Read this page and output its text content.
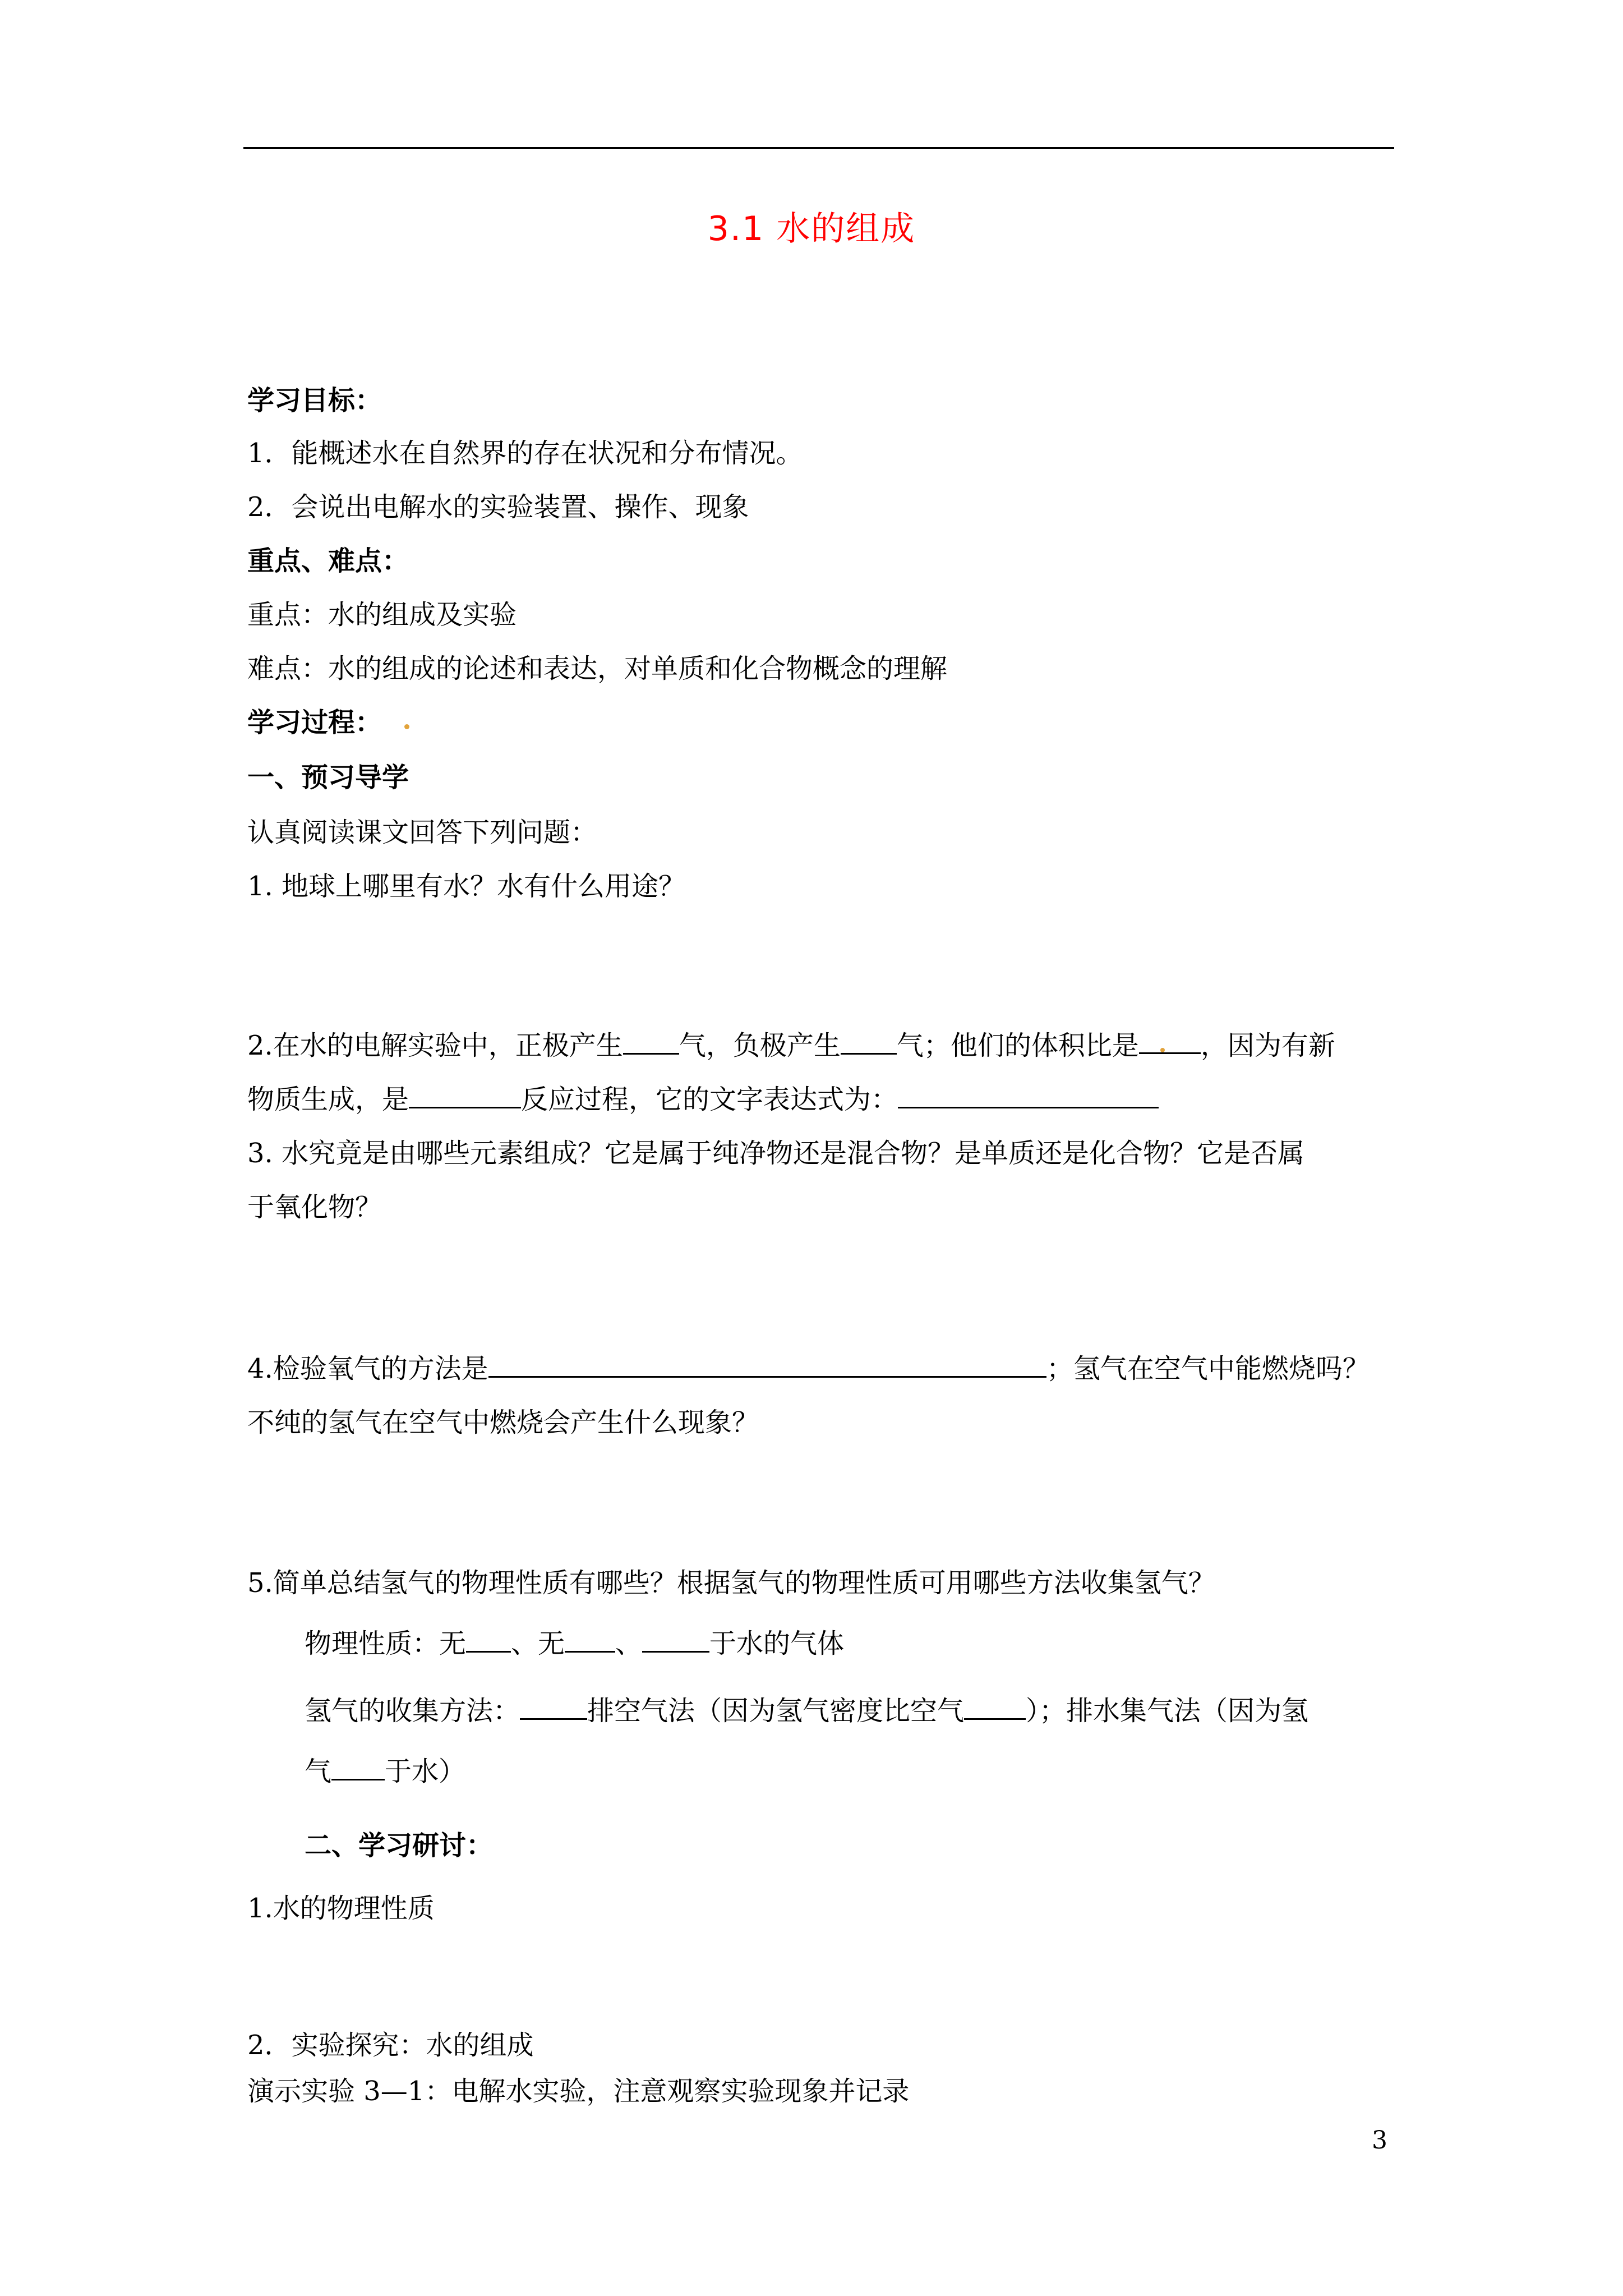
3.1 水的组成
学习目标：
1．能概述水在自然界的存在状况和分布情况。
2．会说出电解水的实验装置、操作、现象
重点、难点：
重点：水的组成及实验
难点：水的组成的论述和表达，对单质和化合物概念的理解
学习过程：
一、预习导学
认真阅读课文回答下列问题：
1. 地球上哪里有水？水有什么用途？
2.在水的电解实验中，正极产生 气，负极产生 气；他们的体积比是 ，因为有新
物质生成，是	反应过程，它的文字表达式为：
3. 水究竟是由哪些元素组成？它是属于纯净物还是混合物？是单质还是化合物？它是否属
于氧化物？
4.检验氧气的方法是	；氢气在空气中能燃烧吗？
不纯的氢气在空气中燃烧会产生什么现象？
5.简单总结氢气的物理性质有哪些？根据氢气的物理性质可用哪些方法收集氢气？
物理性质：无 、无 、	于水的气体
氢气的收集方法：	排空气法（因为氢气密度比空气 ）；排水集气法（因为氢
气 于水）
二、学习研讨：
1.水的物理性质
2．实验探究：水的组成
演示实验 3—1：电解水实验，注意观察实验现象并记录
3
